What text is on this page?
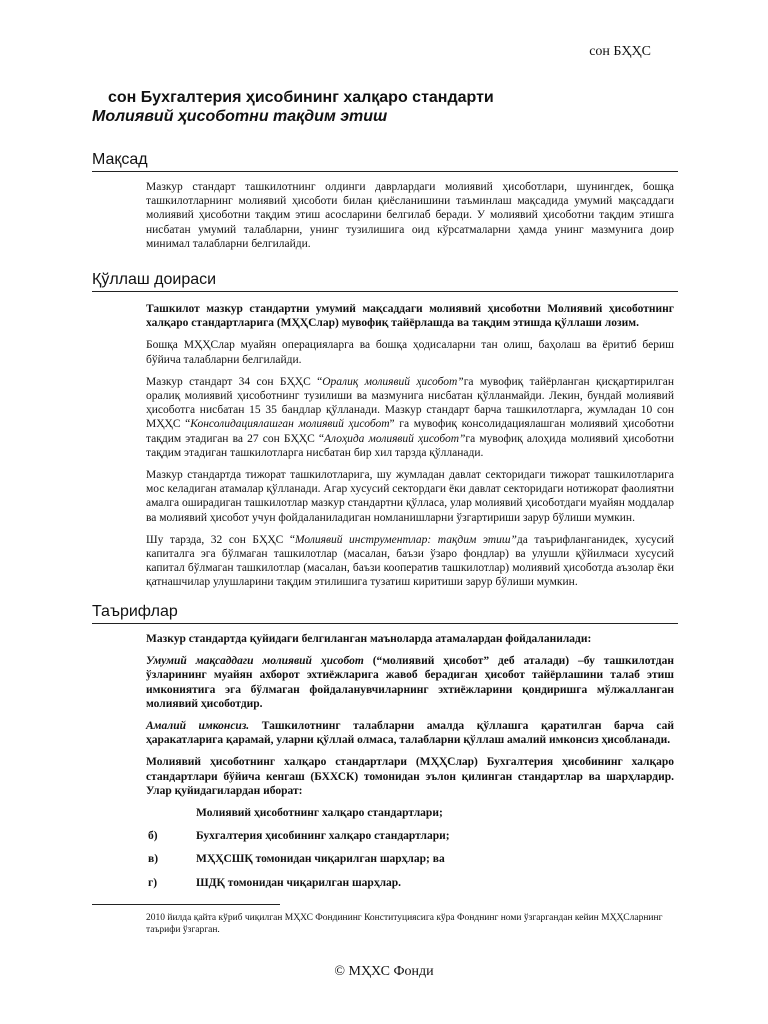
сон БҲҲС
сон Бухгалтерия ҳисобининг халқаро стандарти
Молиявий ҳисоботни тақдим этиш
Мақсад

Мазкур стандарт ташкилотнинг олдинги даврлардаги молиявий ҳисоботлари, шунингдек, бошқа ташкилотларнинг молиявий ҳисоботи билан қиёсланишини таъминлаш мақсадида умумий мақсаддаги молиявий ҳисоботни тақдим этиш асосларини белгилаб беради. У молиявий ҳисоботни тақдим этишга нисбатан умумий талабларни, унинг тузилишига оид кўрсатмаларни ҳамда унинг мазмунига доир минимал талабларни белгилайди.

Қўллаш доираси

Ташкилот мазкур стандартни умумий мақсаддаги молиявий ҳисоботни Молиявий ҳисоботнинг халқаро стандартларига (МҲҲСлар) мувофиқ тайёрлашда ва тақдим этишда қўллаши лозим.

Бошқа МҲҲСлар муайян операцияларга ва бошқа ҳодисаларни тан олиш, баҳолаш ва ёритиб бериш бўйича талабларни белгилайди.

Мазкур стандарт 34 сон БҲҲС “Оралиқ молиявий ҳисобот”га мувофиқ тайёрланган қисқартирилган оралиқ молиявий ҳисоботнинг тузилиши ва мазмунига нисбатан қўлланмайди. Лекин, бундай молиявий ҳисоботга нисбатан 15 35 бандлар қўлланади. Мазкур стандарт барча ташкилотларга, жумладан 10 сон МҲҲС “Консолидациялашган молиявий ҳисобот” га мувофиқ консолидациялашган молиявий ҳисоботни тақдим этадиган ва 27 сон БҲҲС “Алоҳида молиявий ҳисобот”га мувофиқ алоҳида молиявий ҳисоботни тақдим этадиган ташкилотларга нисбатан бир хил тарзда қўлланади.

Мазкур стандартда тижорат ташкилотларига, шу жумладан давлат секторидаги тижорат ташкилотларига мос келадиган атамалар қўлланади. Агар хусусий сектордаги ёки давлат секторидаги нотижорат фаолиятни амалга оширадиган ташкилотлар мазкур стандартни қўлласа, улар молиявий ҳисоботдаги муайян моддалар ва молиявий ҳисобот учун фойдаланиладиган номланишларни ўзгартириши зарур бўлиши мумкин.

Шу тарзда, 32 сон БҲҲС “Молиявий инструментлар: тақдим этиш”да таърифланганидек, хусусий капиталга эга бўлмаган ташкилотлар (масалан, баъзи ўзаро фондлар) ва улушли қўйилмаси хусусий капитал бўлмаган ташкилотлар (масалан, баъзи кооператив ташкилотлар) молиявий ҳисоботда аъзолар ёки қатнашчилар улушларини тақдим этилишига тузатиш киритиши зарур бўлиши мумкин.

Таърифлар

Мазкур стандартда қуйидаги белгиланган маъноларда атамалардан фойдаланилади:

Умумий мақсаддаги молиявий ҳисобот (“молиявий ҳисобот” деб аталади) –бу ташкилотдан ўзларининг муайян ахборот эхтиёжларига жавоб берадиган ҳисобот тайёрлашини талаб этиш имкониятига эга бўлмаган фойдаланувчиларнинг эхтиёжларини қондиришга мўлжалланган молиявий ҳисоботдир.

Амалий имконсиз. Ташкилотнинг талабларни амалда қўллашга қаратилган барча сай ҳаракатларига қарамай, уларни қўллай олмаса, талабларни қўллаш амалий имконсиз ҳисобланади.

Молиявий ҳисоботнинг халқаро стандартлари (МҲҲСлар) Бухгалтерия ҳисобининг халқаро стандартлари бўйича кенгаш (БХХСК) томонидан эълон қилинган стандартлар ва шарҳлардир. Улар қуйидагилардан иборат:

Молиявий ҳисоботнинг халқаро стандартлари;
б)	Бухгалтерия ҳисобининг халқаро стандартлари;
в)	МҲҲСШҚ томонидан чиқарилган шарҳлар; ва
г)	ШДҚ томонидан чиқарилган шарҳлар.
2010 йилда қайта кўриб чиқилган МҲХС Фондининг Конституциясига кўра Фонднинг номи ўзгаргандан кейин МҲҲСларнинг таърифи ўзгарган.
© МҲХС Фонди
